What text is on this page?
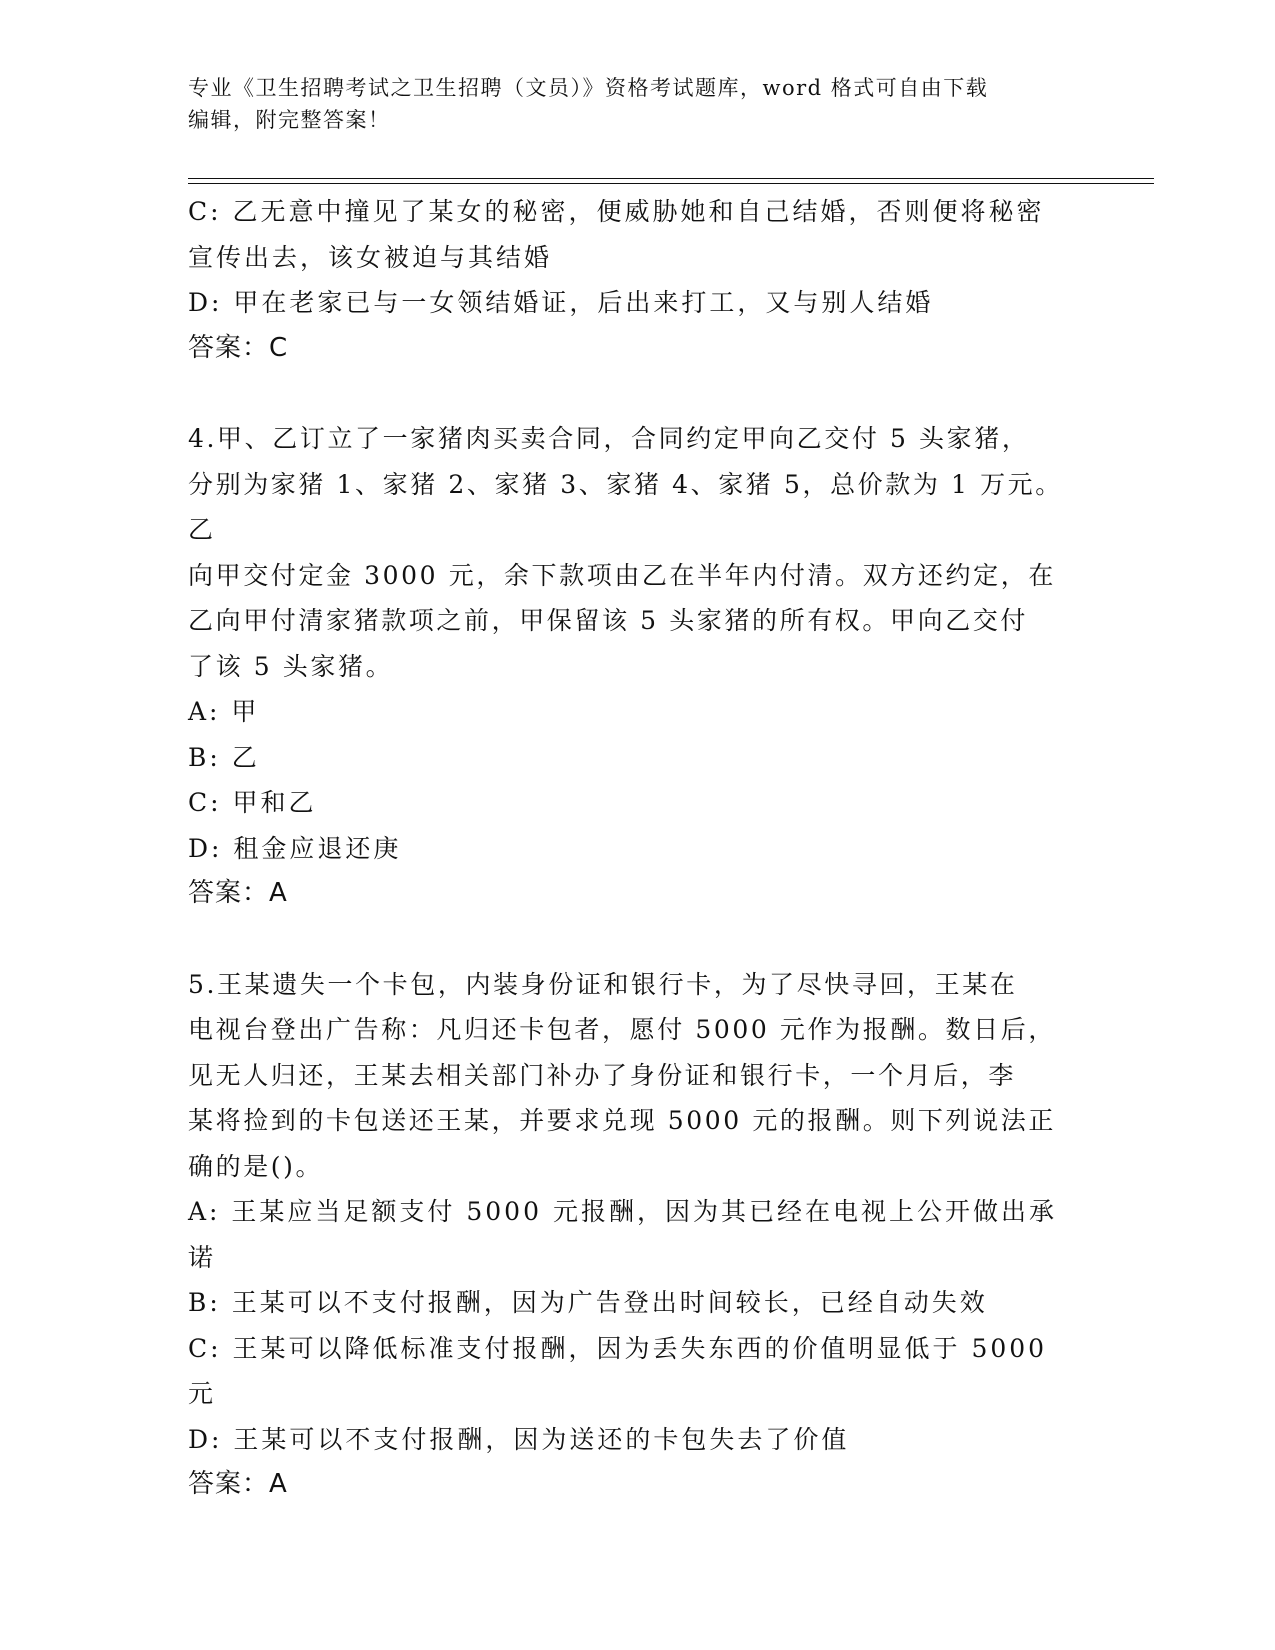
专业《卫生招聘考试之卫生招聘（文员）》资格考试题库，word 格式可自由下载
编辑，附完整答案！

C: 乙无意中撞见了某女的秘密，便威胁她和自己结婚，否则便将秘密

宣传出去，该女被迫与其结婚

D: 甲在老家已与一女领结婚证，后出来打工，又与别人结婚

答案：C

4.甲、乙订立了一家猪肉买卖合同，合同约定甲向乙交付 5 头家猪，

分别为家猪 1、家猪 2、家猪 3、家猪 4、家猪 5，总价款为 1 万元。乙

向甲交付定金 3000 元，余下款项由乙在半年内付清。双方还约定，在

乙向甲付清家猪款项之前，甲保留该 5 头家猪的所有权。甲向乙交付

了该 5 头家猪。

A: 甲

B: 乙

C: 甲和乙

D: 租金应退还庚

答案：A

5.王某遗失一个卡包，内装身份证和银行卡，为了尽快寻回，王某在

电视台登出广告称：凡归还卡包者，愿付 5000 元作为报酬。数日后，

见无人归还，王某去相关部门补办了身份证和银行卡，一个月后，李

某将捡到的卡包送还王某，并要求兑现 5000 元的报酬。则下列说法正

确的是()。

A: 王某应当足额支付 5000 元报酬，因为其已经在电视上公开做出承

诺

B: 王某可以不支付报酬，因为广告登出时间较长，已经自动失效

C: 王某可以降低标准支付报酬，因为丢失东西的价值明显低于 5000

元

D: 王某可以不支付报酬，因为送还的卡包失去了价值

答案：A
